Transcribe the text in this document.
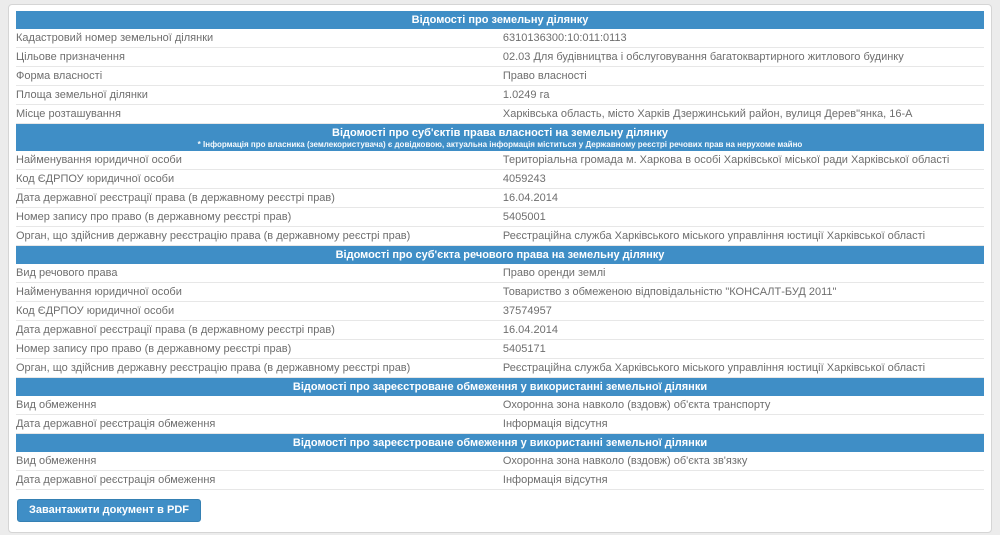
Відомості про земельну ділянку
Кадастровий номер земельної ділянки	6310136300:10:011:0113
Цільове призначення	02.03 Для будівництва і обслуговування багатоквартирного житлового будинку
Форма власності	Право власності
Площа земельної ділянки	1.0249 га
Місце розташування	Харківська область, місто Харків Дзержинський район, вулиця Дерев"янка, 16-А
Відомості про суб'єктів права власності на земельну ділянку
* Інформація про власника (землекористувача) є довідковою, актуальна інформація міститься у Державному реєстрі речових прав на нерухоме майно
Найменування юридичної особи	Територіальна громада м. Харкова в особі Харківської міської ради Харківської області
Код ЄДРПОУ юридичної особи	4059243
Дата державної реєстрації права (в державному реєстрі прав)	16.04.2014
Номер запису про право (в державному реєстрі прав)	5405001
Орган, що здійснив державну реєстрацію права (в державному реєстрі прав)	Реєстраційна служба Харківського міського управління юстиції Харківської області
Відомості про суб'єкта речового права на земельну ділянку
Вид речового права	Право оренди землі
Найменування юридичної особи	Товариство з обмеженою відповідальністю "КОНСАЛТ-БУД 2011"
Код ЄДРПОУ юридичної особи	37574957
Дата державної реєстрації права (в державному реєстрі прав)	16.04.2014
Номер запису про право (в державному реєстрі прав)	5405171
Орган, що здійснив державну реєстрацію права (в державному реєстрі прав)	Реєстраційна служба Харківського міського управління юстиції Харківської області
Відомості про зареєстроване обмеження у використанні земельної ділянки
Вид обмеження	Охоронна зона навколо (вздовж) об'єкта транспорту
Дата державної реєстрація обмеження	Інформація відсутня
Відомості про зареєстроване обмеження у використанні земельної ділянки
Вид обмеження	Охоронна зона навколо (вздовж) об'єкта зв'язку
Дата державної реєстрація обмеження	Інформація відсутня
Завантажити документ в PDF
